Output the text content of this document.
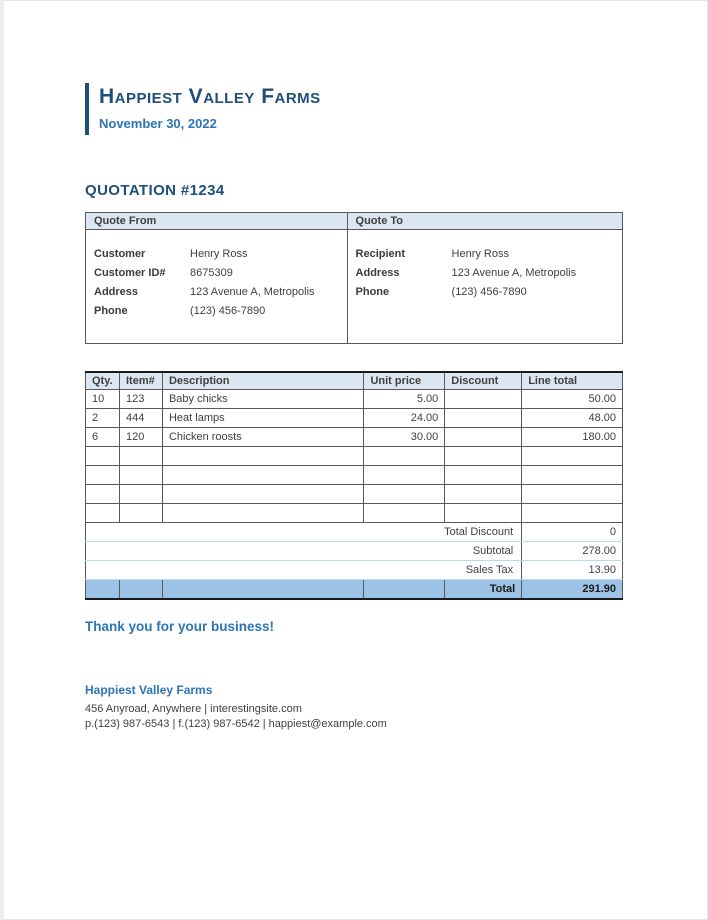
Happiest Valley Farms
November 30, 2022
QUOTATION #1234
Quote From	Quote To

Customer	Henry Ross
Customer ID#	8675309
Address	123 Avenue A, Metropolis
Phone	(123) 456-7890

Recipient	Henry Ross
Address	123 Avenue A, Metropolis
Phone	(123) 456-7890
Qty.	Item#	Description	Unit price	Discount	Line total
10	123	Baby chicks	5.00		50.00
2	444	Heat lamps	24.00		48.00
6	120	Chicken roosts	30.00		180.00

Total Discount					0
Subtotal					278.00
Sales Tax					13.90
				Total	291.90
Thank you for your business!
Happiest Valley Farms
456 Anyroad, Anywhere | interestingsite.com
p.(123) 987-6543 | f.(123) 987-6542 | happiest@example.com
